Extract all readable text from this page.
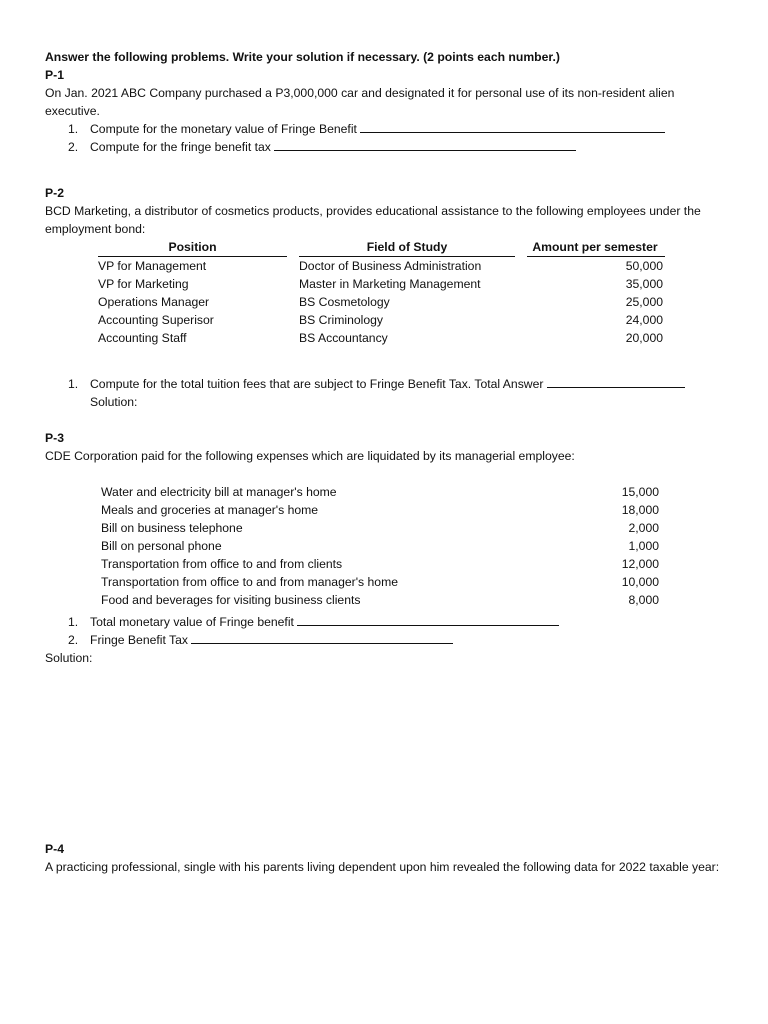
Answer the following problems. Write your solution if necessary. (2 points each number.)
P-1
On Jan. 2021 ABC Company purchased a P3,000,000 car and designated it for personal use of its non-resident alien executive.
1. Compute for the monetary value of Fringe Benefit
2. Compute for the fringe benefit tax
P-2
BCD Marketing, a distributor of cosmetics products, provides educational assistance to the following employees under the employment bond:
Position		Field of Study		Amount per semester
VP for Management		Doctor of Business Administration		50,000
VP for Marketing		Master in Marketing Management		35,000
Operations Manager		BS Cosmetology		25,000
Accounting Superisor		BS Criminology		24,000
Accounting Staff		BS Accountancy		20,000
1. Compute for the total tuition fees that are subject to Fringe Benefit Tax. Total Answer
Solution:
P-3
CDE Corporation paid for the following expenses which are liquidated by its managerial employee:
Water and electricity bill at manager's home	15,000
Meals and groceries at manager's home	18,000
Bill on business telephone	2,000
Bill on personal phone	1,000
Transportation from office to and from clients	12,000
Transportation from office to and from manager's home	10,000
Food and beverages for visiting business clients	8,000
1. Total monetary value of Fringe benefit
2. Fringe Benefit Tax
Solution:
P-4
A practicing professional, single with his parents living dependent upon him revealed the following data for 2022 taxable year:
